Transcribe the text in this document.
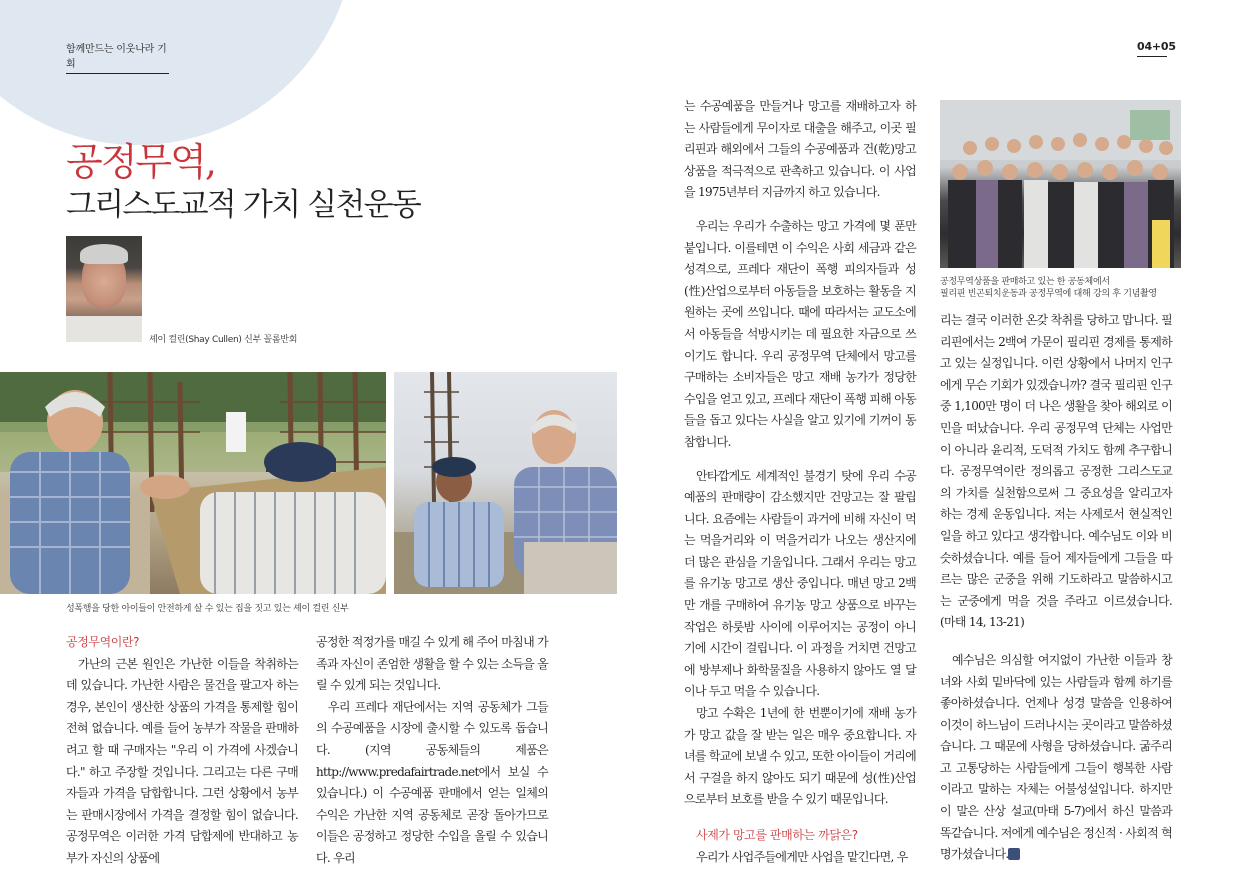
함께만드는 이웃나라 기회
공정무역,
그리스도교적 가치 실천운동
셰이 컬린(Shay Cullen) 신부 꼴롬반회
성폭행을 당한 아이들이 안전하게 살 수 있는 집을 짓고 있는 셰이 컬린 신부
공정무역이란?

가난의 근본 원인은 가난한 이들을 착취하는 데 있습니다. 가난한 사람은 물건을 팔고자 하는 경우, 본인이 생산한 상품의 가격을 통제할 힘이 전혀 없습니다. 예를 들어 농부가 작물을 판매하려고 할 때 구매자는 "우리 이 가격에 사겠습니다." 하고 주장할 것입니다. 그리고는 다른 구매자들과 가격을 담합합니다. 그런 상황에서 농부는 판매시장에서 가격을 결정할 힘이 없습니다. 공정무역은 이러한 가격 담합제에 반대하고 농부가 자신의 상품에

공정한 적정가를 매길 수 있게 해 주어 마침내 가족과 자신이 존엄한 생활을 할 수 있는 소득을 올릴 수 있게 되는 것입니다.

우리 프레다 재단에서는 지역 공동체가 그들의 수공예품을 시장에 출시할 수 있도록 돕습니다. (지역 공동체들의 제품은 http://www.predafairtrade.net에서 보실 수 있습니다.) 이 수공예품 판매에서 얻는 일체의 수익은 가난한 지역 공동체로 곧장 돌아가므로 이들은 공정하고 정당한 수입을 올릴 수 있습니다. 우리

04+05

는 수공예품을 만들거나 망고를 재배하고자 하는 사람들에게 무이자로 대출을 해주고, 이곳 필리핀과 해외에서 그들의 수공예품과 건(乾)망고 상품을 적극적으로 판촉하고 있습니다. 이 사업을 1975년부터 지금까지 하고 있습니다.

우리는 우리가 수출하는 망고 가격에 몇 푼만 붙입니다. 이를테면 이 수익은 사회 세금과 같은 성격으로, 프레다 재단이 폭행 피의자들과 성(性)산업으로부터 아동들을 보호하는 활동을 지원하는 곳에 쓰입니다. 때에 따라서는 교도소에서 아동들을 석방시키는 데 필요한 자금으로 쓰이기도 합니다. 우리 공정무역 단체에서 망고를 구매하는 소비자들은 망고 재배 농가가 정당한 수입을 얻고 있고, 프레다 재단이 폭행 피해 아동들을 돕고 있다는 사실을 알고 있기에 기꺼이 동참합니다.

안타깝게도 세계적인 불경기 탓에 우리 수공예품의 판매량이 감소했지만 건망고는 잘 팔립니다. 요즘에는 사람들이 과거에 비해 자신이 먹는 먹을거리와 이 먹을거리가 나오는 생산지에 더 많은 관심을 기울입니다. 그래서 우리는 망고를 유기농 망고로 생산 중입니다. 매년 망고 2백만 개를 구매하여 유기농 망고 상품으로 바꾸는 작업은 하룻밤 사이에 이루어지는 공정이 아니기에 시간이 걸립니다. 이 과정을 거치면 건망고에 방부제나 화학물질을 사용하지 않아도 열 달이나 두고 먹을 수 있습니다.

망고 수확은 1년에 한 번뿐이기에 재배 농가가 망고 값을 잘 받는 일은 매우 중요합니다. 자녀를 학교에 보낼 수 있고, 또한 아이들이 거리에서 구걸을 하지 않아도 되기 때문에 성(性)산업으로부터 보호를 받을 수 있기 때문입니다.

사제가 망고를 판매하는 까닭은?

우리가 사업주들에게만 사업을 맡긴다면, 우

공정무역상품을 판매하고 있는 한 공동체에서
필리핀 빈곤퇴치운동과 공정무역에 대해 강의 후 기념촬영

리는 결국 이러한 온갖 착취를 당하고 맙니다. 필리핀에서는 2백여 가문이 필리핀 경제를 통제하고 있는 실정입니다. 이런 상황에서 나머지 인구에게 무슨 기회가 있겠습니까? 결국 필리핀 인구 중 1,100만 명이 더 나은 생활을 찾아 해외로 이민을 떠났습니다. 우리 공정무역 단체는 사업만이 아니라 윤리적, 도덕적 가치도 함께 추구합니다. 공정무역이란 정의롭고 공정한 그리스도교의 가치를 실천함으로써 그 중요성을 알리고자 하는 경제 운동입니다. 저는 사제로서 현실적인 일을 하고 있다고 생각합니다. 예수님도 이와 비슷하셨습니다. 예를 들어 제자들에게 그들을 따르는 많은 군중을 위해 기도하라고 말씀하시고는 군중에게 먹을 것을 주라고 이르셨습니다. (마태 14, 13-21)

예수님은 의심할 여지없이 가난한 이들과 창녀와 사회 밑바닥에 있는 사람들과 함께 하기를 좋아하셨습니다. 언제나 성경 말씀을 인용하여 이것이 하느님이 드러나시는 곳이라고 말씀하셨습니다. 그 때문에 사형을 당하셨습니다. 굶주리고 고통당하는 사람들에게 그들이 행복한 사람이라고 말하는 자체는 어불성설입니다. 하지만 이 말은 산상 설교(마태 5-7)에서 하신 말씀과 똑같습니다. 저에게 예수님은 정신적 · 사회적 혁명가셨습니다.
